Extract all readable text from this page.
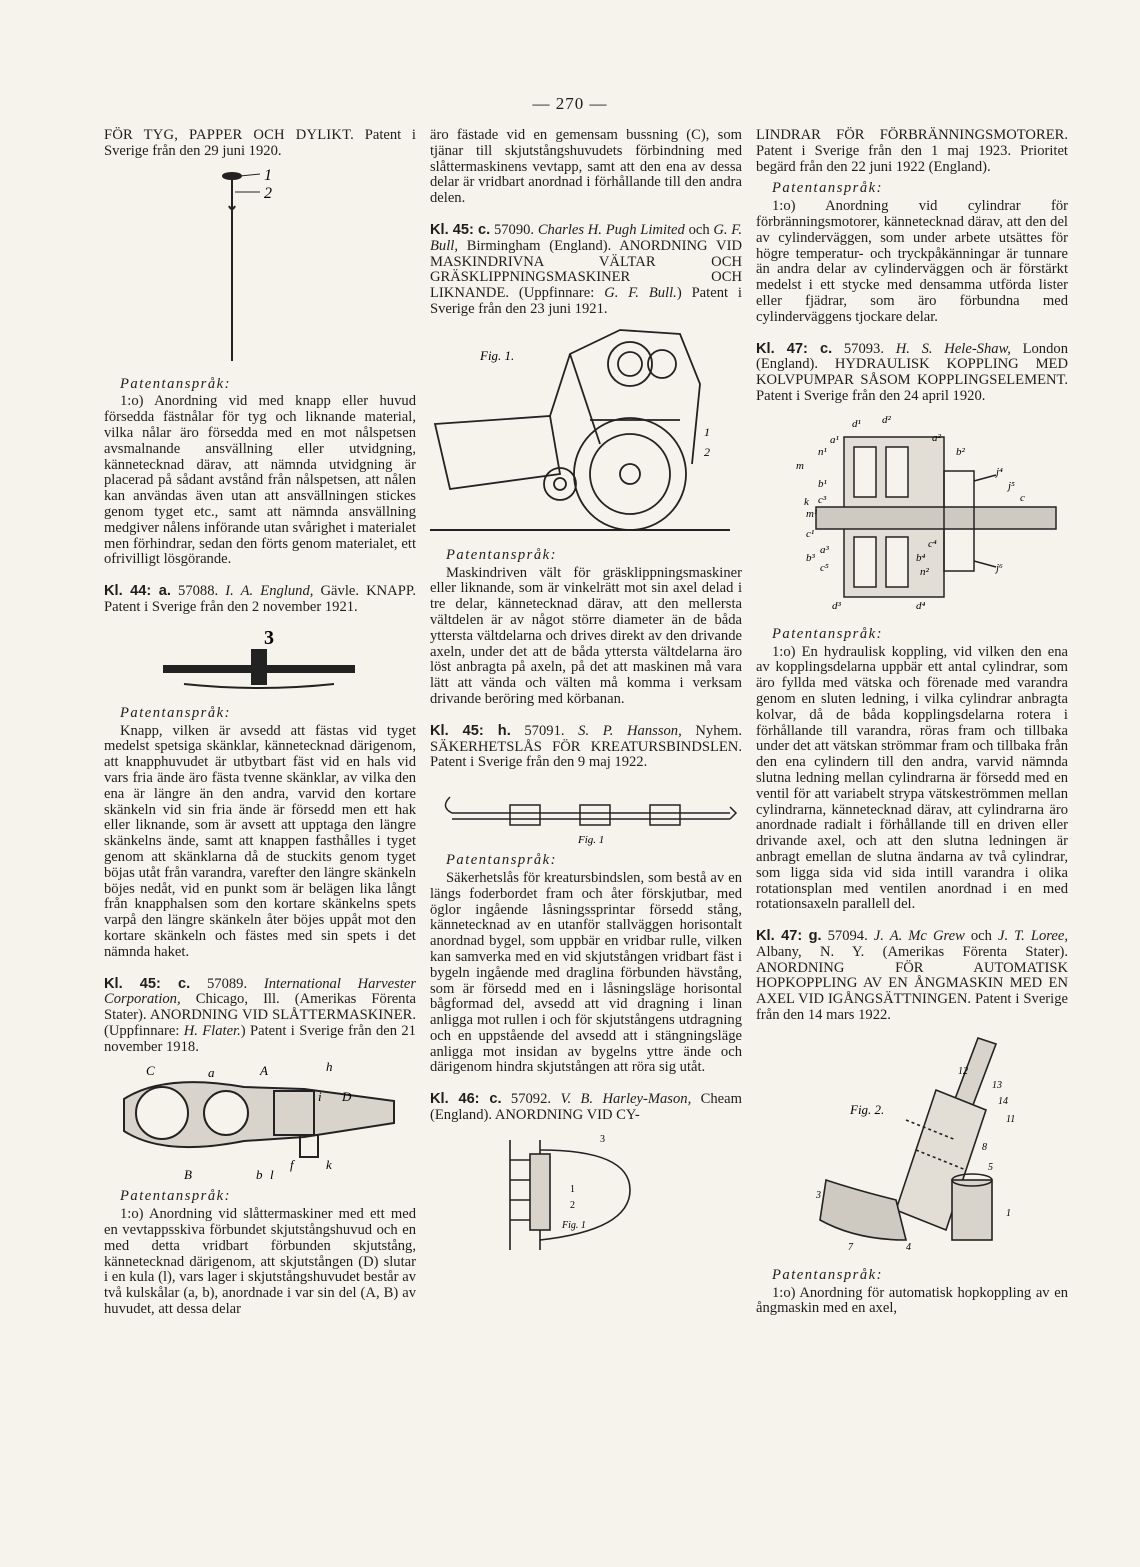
— 270 —

FÖR TYG, PAPPER OCH DYLIKT. Patent i Sverige från den 29 juni 1920.

1
2

Patentanspråk:

1:o) Anordning vid med knapp eller huvud försedda fästnålar för tyg och liknande material, vilka nålar äro försedda med en mot nålspetsen avsmalnande ansvällning eller utvidgning, kännetecknad därav, att nämnda utvidgning är placerad på sådant avstånd från nålspetsen, att nålen kan användas även utan att ansvällningen stickes genom tyget etc., samt att nämnda ansvällning medgiver nålens införande utan svårighet i materialet men förhindrar, sedan den förts genom materialet, ett ofrivilligt lösgörande.

Kl. 44: a. 57088. I. A. Englund, Gävle. KNAPP. Patent i Sverige från den 2 november 1921.

3

Patentanspråk:

Knapp, vilken är avsedd att fästas vid tyget medelst spetsiga skänklar, kännetecknad därigenom, att knapphuvudet är utbytbart fäst vid en hals vid vars fria ände äro fästa tvenne skänklar, av vilka den ena är längre än den andra, varvid den kortare skänkeln vid sin fria ände är försedd men ett hak eller liknande, som är avsett att upptaga den längre skänkelns ände, samt att knappen fasthålles i tyget genom att skänklarna då de stuckits genom tyget böjas utåt från varandra, varefter den längre skänkeln böjes nedåt, vid en punkt som är belägen lika långt från knapphalsen som den kortare skänkelns spets varpå den längre skänkeln åter böjes uppåt mot den kortare skänkeln och fästes med sin spets i det nämnda haket.

Kl. 45: c. 57089. International Harvester Corporation, Chicago, Ill. (Amerikas Förenta Stater). ANORDNING VID SLÅTTERMASKINER. (Uppfinnare: H. Flater.) Patent i Sverige från den 21 november 1918.

C	a	A	h
i D
B	b l
f k

Patentanspråk:

1:o) Anordning vid slåttermaskiner med ett med en vevtappsskiva förbundet skjutstångshuvud och en med detta vridbart förbunden skjutstång, kännetecknad därigenom, att skjutstången (D) slutar i en kula (l), vars lager i skjutstångshuvudet består av två kulskålar (a, b), anordnade i var sin del (A, B) av huvudet, att dessa delar

äro fästade vid en gemensam bussning (C), som tjänar till skjutstångshuvudets förbindning med slåttermaskinens vevtapp, samt att den ena av dessa delar är vridbart anordnad i förhållande till den andra delen.

Kl. 45: c. 57090. Charles H. Pugh Limited och G. F. Bull, Birmingham (England). ANORDNING VID MASKINDRIVNA VÄLTAR OCH GRÄSKLIPPNINGSMASKINER OCH LIKNANDE. (Uppfinnare: G. F. Bull.) Patent i Sverige från den 23 juni 1921.

Fig. 1.
1
2

Patentanspråk:

Maskindriven vält för gräsklippningsmaskiner eller liknande, som är vinkelrätt mot sin axel delad i tre delar, kännetecknad därav, att den mellersta vältdelen är av något större diameter än de båda yttersta vältdelarna och drives direkt av den drivande axeln, under det att de båda yttersta vältdelarna äro löst anbragta på axeln, på det att maskinen må vara lätt att vända och välten må komma i verksam drivande beröring med körbanan.

Kl. 45: h. 57091. S. P. Hansson, Nyhem. SÄKERHETSLÅS FÖR KREATURSBINDSLEN. Patent i Sverige från den 9 maj 1922.

Fig. 1

Patentanspråk:

Säkerhetslås för kreatursbindslen, som bestå av en längs foderbordet fram och åter förskjutbar, med öglor ingående låsningssprintar försedd stång, kännetecknad av en utanför stallväggen horisontalt anordnad bygel, som uppbär en vridbar rulle, vilken kan samverka med en vid skjutstången vridbart fäst i bygeln ingående med draglina förbunden hävstång, som är försedd med en i låsningsläge horisontal bågformad del, avsedd att vid dragning i linan anligga mot rullen i och för skjutstångens utdragning och en uppstående del avsedd att i stängningsläge anligga mot insidan av bygelns yttre ände och därigenom hindra skjutstången att röra sig utåt.

Kl. 46: c. 57092. V. B. Harley-Mason, Cheam (England). ANORDNING VID CY-

3
1
2
Fig. 1

LINDRAR FÖR FÖRBRÄNNINGSMOTORER. Patent i Sverige från den 1 maj 1923. Prioritet begärd från den 22 juni 1922 (England).

Patentanspråk:

1:o) Anordning vid cylindrar för förbränningsmotorer, kännetecknad därav, att den del av cylinderväggen, som under arbete utsättes för högre temperatur- och tryckpåkänningar är tunnare än andra delar av cylinderväggen och är förstärkt medelst i ett stycke med densamma utförda lister eller fjädrar, som äro förbundna med cylinderväggens tjockare delar.

Kl. 47: c. 57093. H. S. Hele-Shaw, London (England). HYDRAULISK KOPPLING MED KOLVPUMPAR SÅSOM KOPPLINGSELEMENT. Patent i Sverige från den 24 april 1920.

d¹ d²
a¹	a²
n¹	b²
m
b¹
k
m¹
c
c³
j⁴
j⁵
c¹
c⁴
j⁶
b⁴
n²
b³
a³
c⁵
d³	d⁴

Patentanspråk:

1:o) En hydraulisk koppling, vid vilken den ena av kopplingsdelarna uppbär ett antal cylindrar, som äro fyllda med vätska och förenade med varandra genom en sluten ledning, i vilka cylindrar anbragta kolvar, då de båda kopplingsdelarna rotera i förhållande till varandra, röras fram och tillbaka under det att vätskan strömmar fram och tillbaka från den ena cylindern till den andra, varvid nämnda slutna ledning mellan cylindrarna är försedd med en ventil för att variabelt strypa vätskeströmmen mellan cylindrarna, kännetecknad därav, att cylindrarna äro anordnade radialt i förhållande till en driven eller drivande axel, och att den slutna ledningen är anbragt emellan de slutna ändarna av två cylindrar, som ligga sida vid sida intill varandra i olika rotationsplan med ventilen anordnad i en med rotationsaxeln parallell del.

Kl. 47: g. 57094. J. A. Mc Grew och J. T. Loree, Albany, N. Y. (Amerikas Förenta Stater). ANORDNING FÖR AUTOMATISK HOPKOPPLING AV EN ÅNGMASKIN MED EN AXEL VID IGÅNGSÄTTNINGEN. Patent i Sverige från den 14 mars 1922.

Fig. 2.
12
13
14
11
8
5
3
7	4
1

Patentanspråk:

1:o) Anordning för automatisk hopkoppling av en ångmaskin med en axel,
